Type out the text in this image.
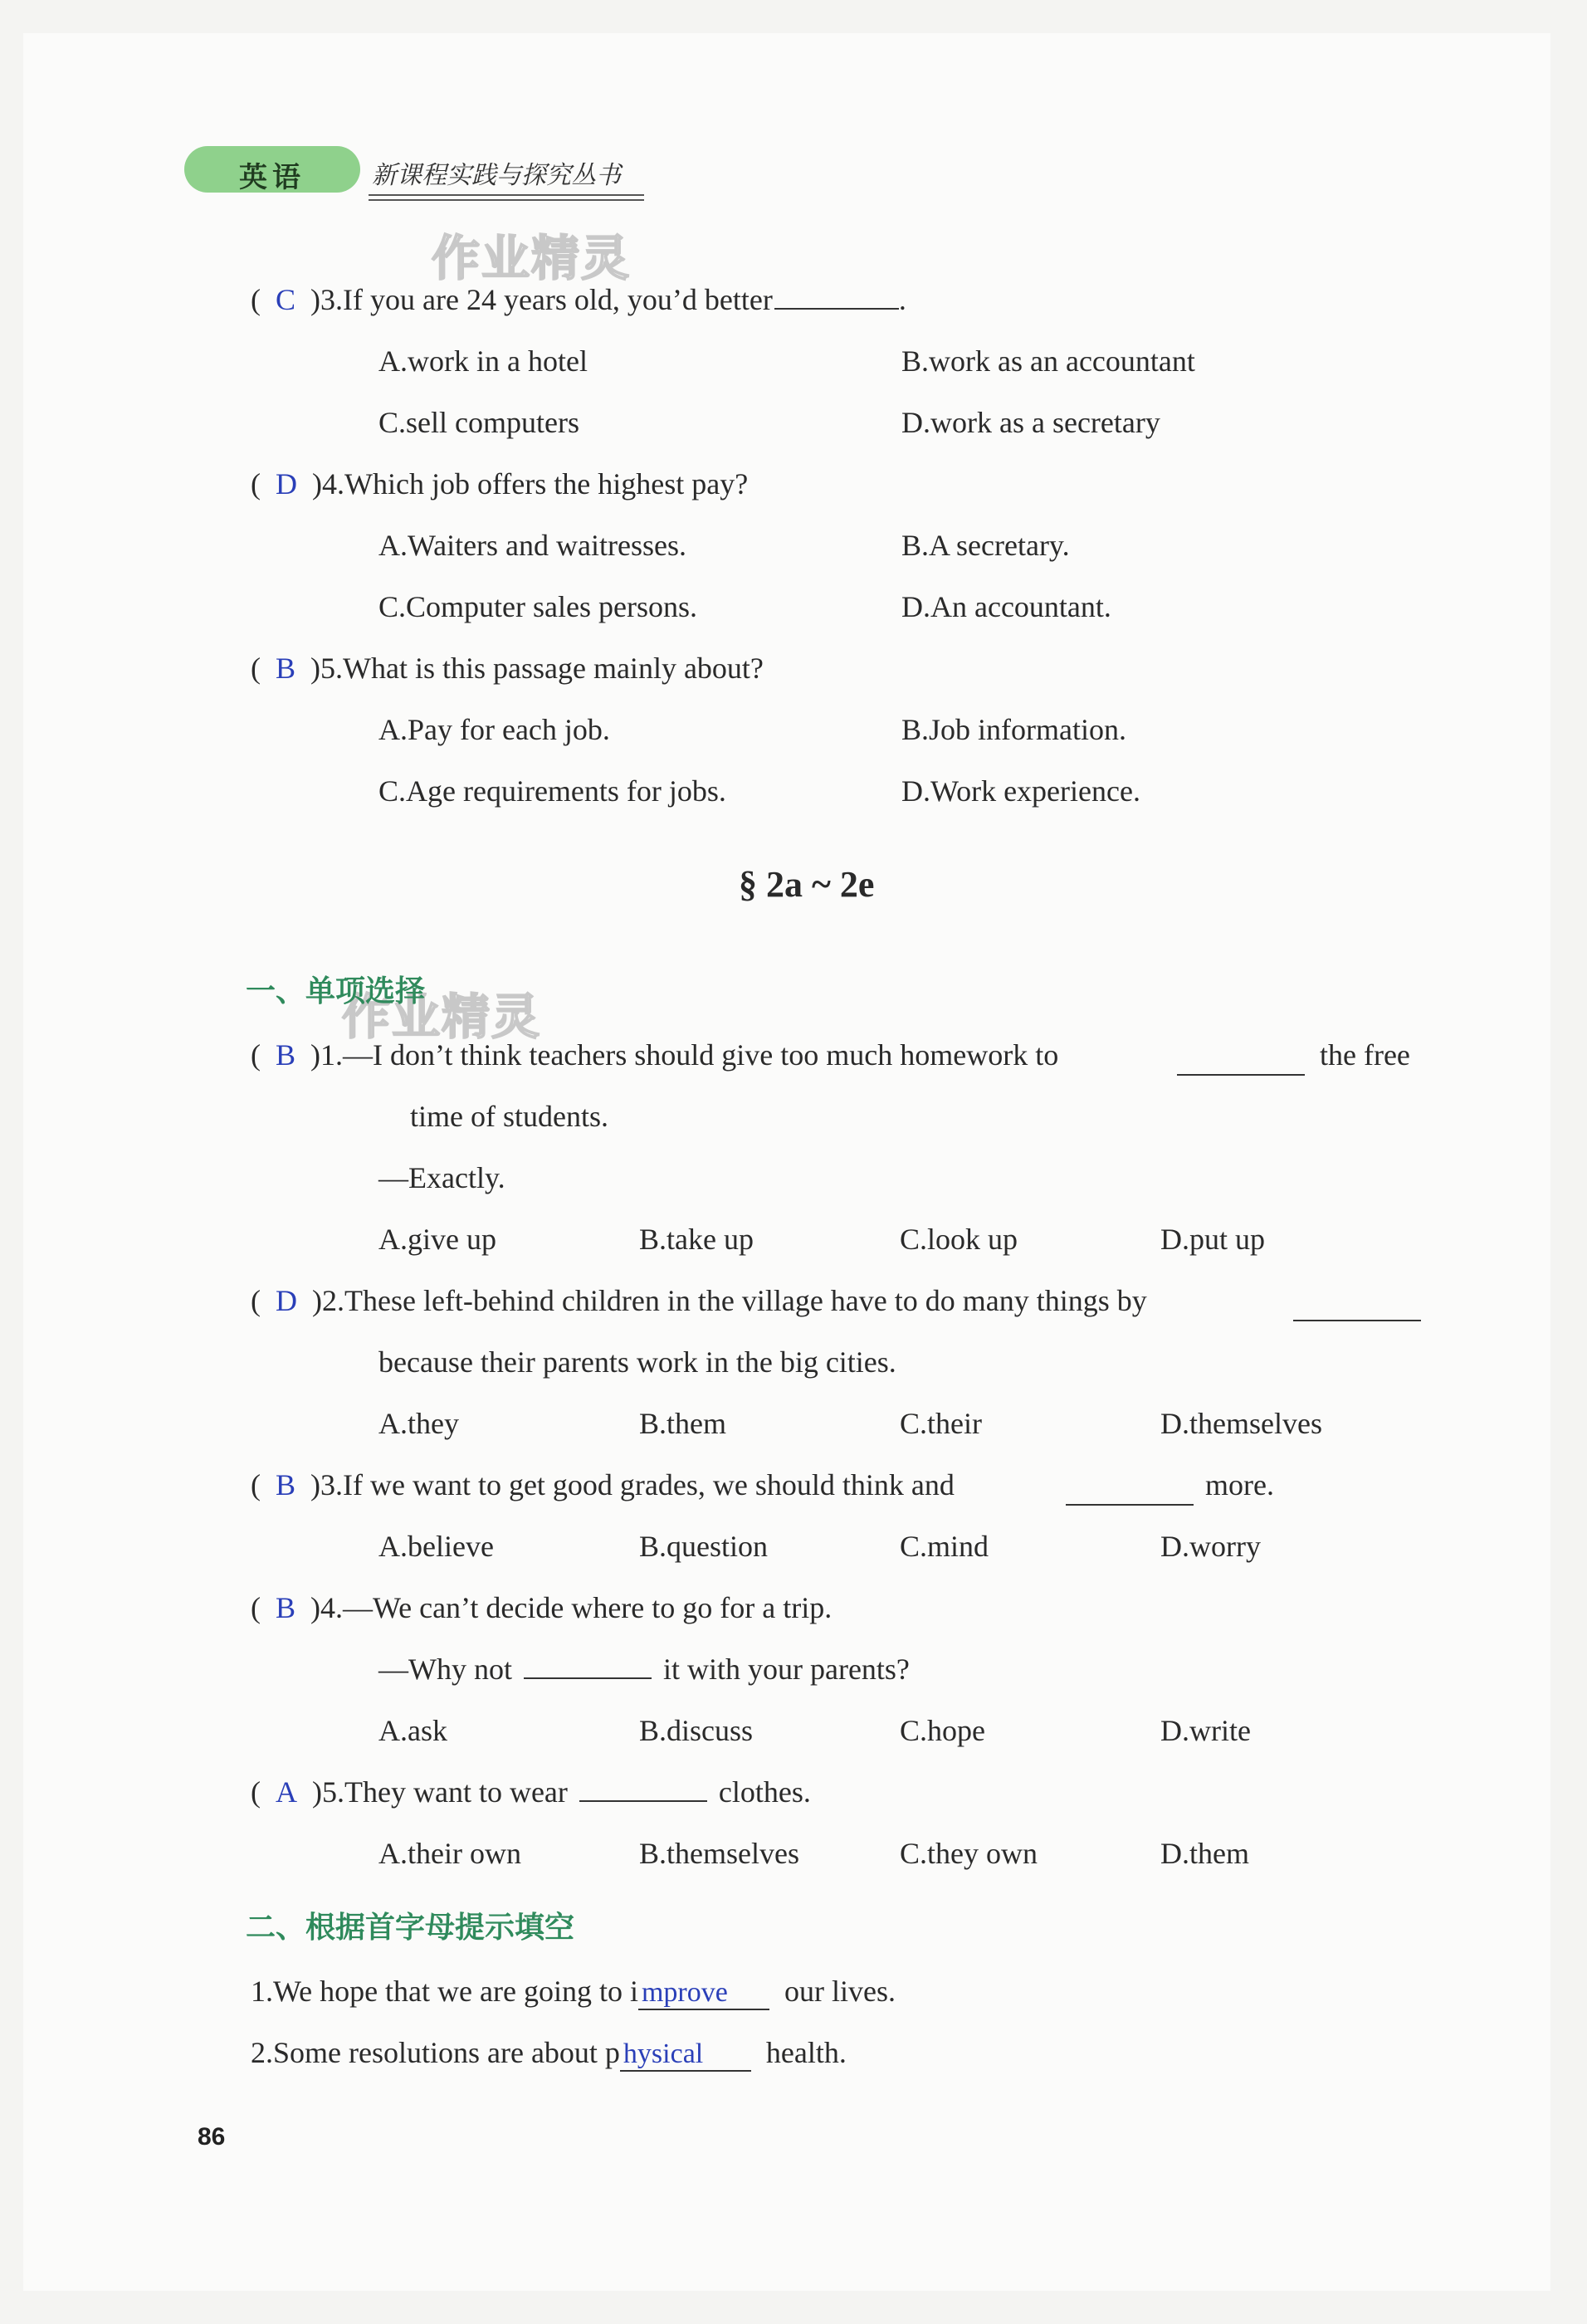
英语	新课程实践与探究丛书
作业精灵
作业精灵
(  C  )3.If you are 24 years old, you’d better	.
A.work in a hotel	B.work as an accountant
C.sell computers	D.work as a secretary
(  D  )4.Which job offers the highest pay?
A.Waiters and waitresses.	B.A secretary.
C.Computer sales persons.	D.An accountant.
(  B  )5.What is this passage mainly about?
A.Pay for each job.	B.Job information.
C.Age requirements for jobs.	D.Work experience.
§ 2a ~ 2e
一、单项选择
(  B  )1.—I don’t think teachers should give too much homework to	the free
time of students.
—Exactly.
A.give up	B.take up	C.look up	D.put up
(  D  )2.These left-behind children in the village have to do many things by
because their parents work in the big cities.
A.they	B.them	C.their	D.themselves
(  B  )3.If we want to get good grades, we should think and	more.
A.believe	B.question	C.mind	D.worry
(  B  )4.—We can’t decide where to go for a trip.
—Why not	it with your parents?
A.ask	B.discuss	C.hope	D.write
(  A  )5.They want to wear	clothes.
A.their own	B.themselves	C.they own	D.them
二、根据首字母提示填空
1.We hope that we are going to i mprove our lives.
2.Some resolutions are about p hysical health.
86
